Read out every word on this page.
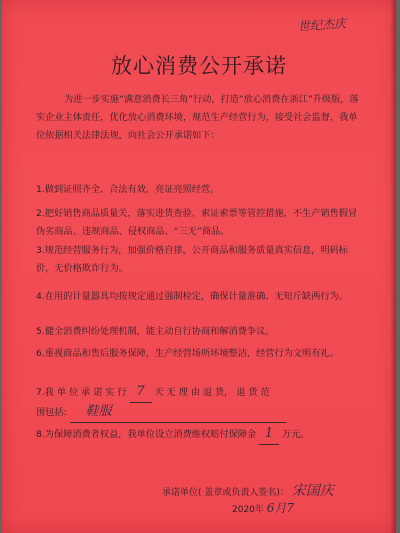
世纪杰庆
放心消费公开承诺
为进一步实施“满意消费长三角”行动，打造“放心消费在浙江”升级版，落实企业主体责任，优化放心消费环境，规范生产经营行为，接受社会监督，我单位依据相关法律法规，向社会公开承诺如下：
1.做到证照齐全、合法有效，亮证亮照经营。
2.把好销售商品质量关，落实进货查验、索证索票等管控措施，不生产销售假冒伪劣商品、违规商品、侵权商品、“三无”商品。
3.规范经营服务行为，加强价格自律，公开商品和服务质量真实信息，明码标价，无价格欺诈行为。
4.在用的计量器具均按规定通过强制检定，确保计量准确、无短斤缺两行为。
5.健全消费纠纷处理机制，能主动自行协商和解消费争议。
6.重视商品和售后服务保障，生产经营场所环境整洁，经营行为文明有礼。
7.我 单 位 承 诺 实 行 7 天 无 理 由 退 货， 退 货 范
围包括: 鞋服
8.为保障消费者权益，我单位设立消费维权赔付保障金 1 万元。
承诺单位( 盖章或负责人签名)： 宋国庆
2020年 6月7
